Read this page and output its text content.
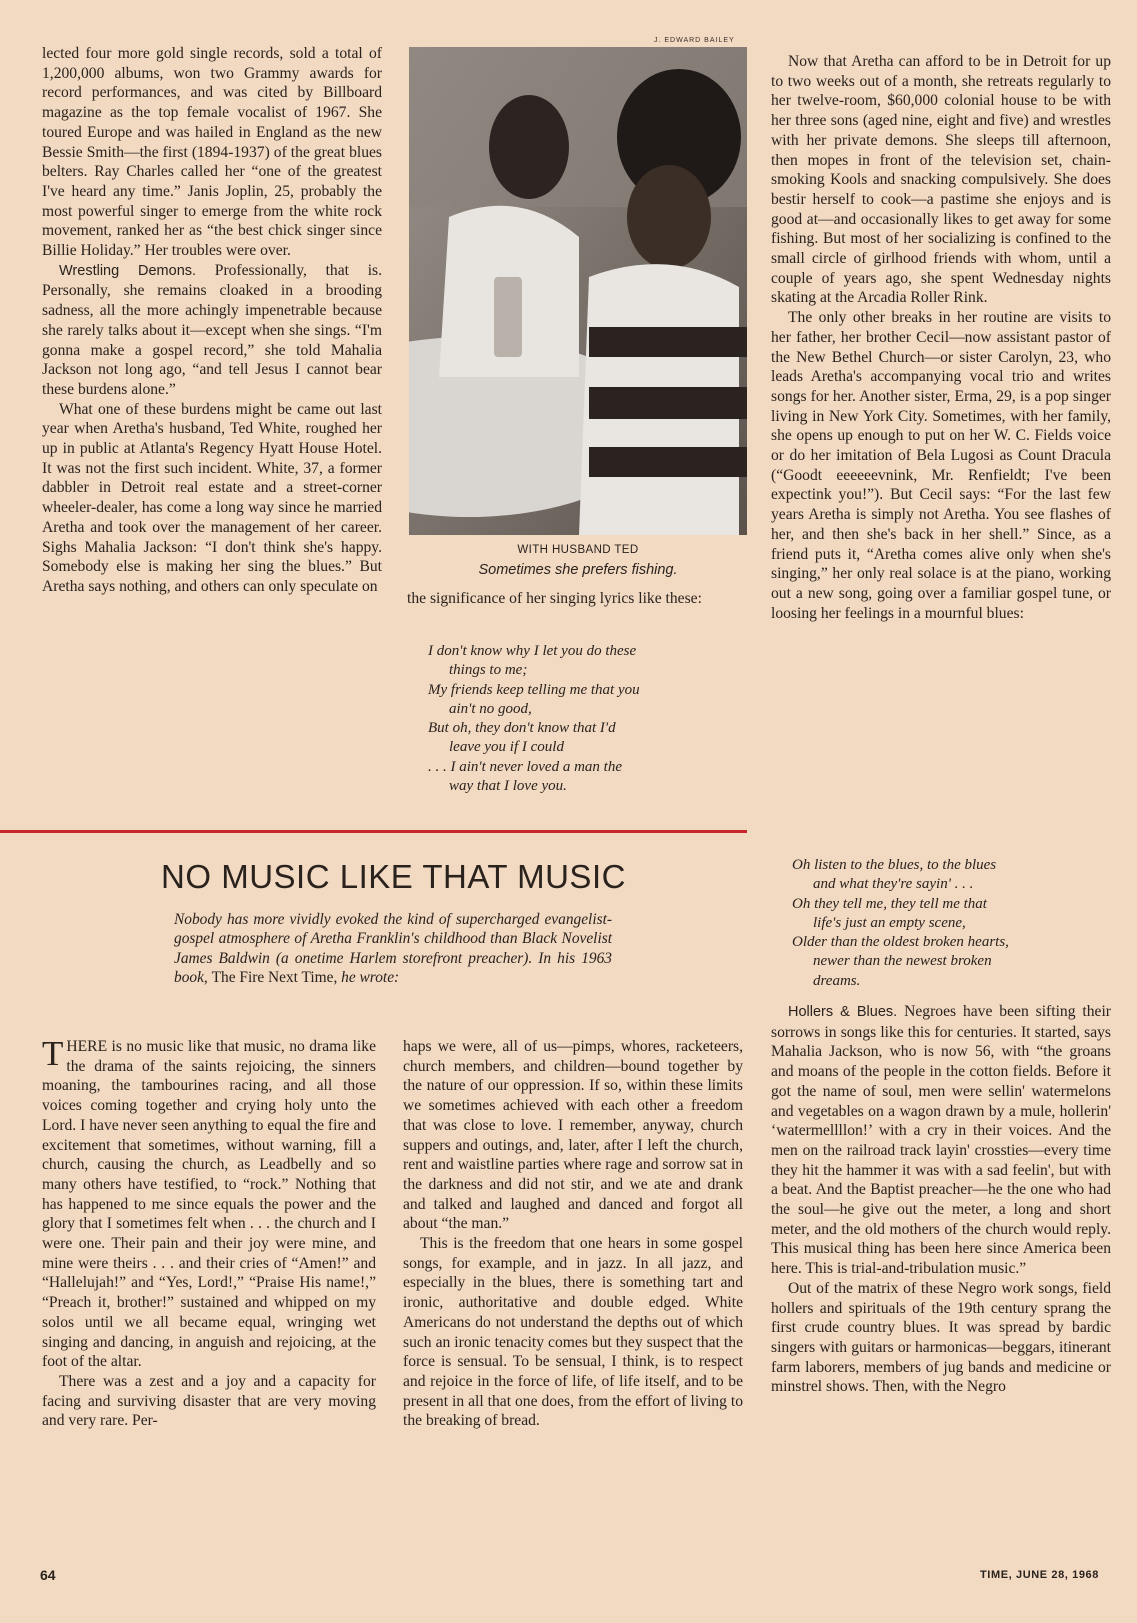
lected four more gold single records, sold a total of 1,200,000 albums, won two Grammy awards for record performances, and was cited by Billboard magazine as the top female vocalist of 1967. She toured Europe and was hailed in England as the new Bessie Smith—the first (1894-1937) of the great blues belters. Ray Charles called her “one of the greatest I've heard any time.” Janis Joplin, 25, probably the most powerful singer to emerge from the white rock movement, ranked her as “the best chick singer since Billie Holiday.” Her troubles were over.

Wrestling Demons. Professionally, that is. Personally, she remains cloaked in a brooding sadness, all the more achingly impenetrable because she rarely talks about it—except when she sings. “I'm gonna make a gospel record,” she told Mahalia Jackson not long ago, “and tell Jesus I cannot bear these burdens alone.”

What one of these burdens might be came out last year when Aretha's husband, Ted White, roughed her up in public at Atlanta's Regency Hyatt House Hotel. It was not the first such incident. White, 37, a former dabbler in Detroit real estate and a street-corner wheeler-dealer, has come a long way since he married Aretha and took over the management of her career. Sighs Mahalia Jackson: “I don't think she's happy. Somebody else is making her sing the blues.” But Aretha says nothing, and others can only speculate on

J. EDWARD BAILEY
WITH HUSBAND TED
Sometimes she prefers fishing.

the significance of her singing lyrics like these:

I don't know why I let you do these
things to me;
My friends keep telling me that you
ain't no good,
But oh, they don't know that I'd
leave you if I could
. . . I ain't never loved a man the
way that I love you.

Now that Aretha can afford to be in Detroit for up to two weeks out of a month, she retreats regularly to her twelve-room, $60,000 colonial house to be with her three sons (aged nine, eight and five) and wrestles with her private demons. She sleeps till afternoon, then mopes in front of the television set, chain-smoking Kools and snacking compulsively. She does bestir herself to cook—a pastime she enjoys and is good at—and occasionally likes to get away for some fishing. But most of her socializing is confined to the small circle of girlhood friends with whom, until a couple of years ago, she spent Wednesday nights skating at the Arcadia Roller Rink.

The only other breaks in her routine are visits to her father, her brother Cecil—now assistant pastor of the New Bethel Church—or sister Carolyn, 23, who leads Aretha's accompanying vocal trio and writes songs for her. Another sister, Erma, 29, is a pop singer living in New York City. Sometimes, with her family, she opens up enough to put on her W. C. Fields voice or do her imitation of Bela Lugosi as Count Dracula (“Goodt eeeeeevnink, Mr. Renfieldt; I've been expectink you!”). But Cecil says: “For the last few years Aretha is simply not Aretha. You see flashes of her, and then she's back in her shell.” Since, as a friend puts it, “Aretha comes alive only when she's singing,” her only real solace is at the piano, working out a new song, going over a familiar gospel tune, or loosing her feelings in a mournful blues:

Oh listen to the blues, to the blues
and what they're sayin' . . .
Oh they tell me, they tell me that
life's just an empty scene,
Older than the oldest broken hearts,
newer than the newest broken
dreams.

Hollers & Blues. Negroes have been sifting their sorrows in songs like this for centuries. It started, says Mahalia Jackson, who is now 56, with “the groans and moans of the people in the cotton fields. Before it got the name of soul, men were sellin' watermelons and vegetables on a wagon drawn by a mule, hollerin' ‘watermellllon!’ with a cry in their voices. And the men on the railroad track layin' crossties—every time they hit the hammer it was with a sad feelin', but with a beat. And the Baptist preacher—he the one who had the soul—he give out the meter, a long and short meter, and the old mothers of the church would reply. This musical thing has been here since America been here. This is trial-and-tribulation music.”

Out of the matrix of these Negro work songs, field hollers and spirituals of the 19th century sprang the first crude country blues. It was spread by bardic singers with guitars or harmonicas—beggars, itinerant farm laborers, members of jug bands and medicine or minstrel shows. Then, with the Negro

NO MUSIC LIKE THAT MUSIC
Nobody has more vividly evoked the kind of supercharged evangelist-gospel atmosphere of Aretha Franklin's childhood than Black Novelist James Baldwin (a onetime Harlem storefront preacher). In his 1963 book, The Fire Next Time, he wrote:

THERE is no music like that music, no drama like the drama of the saints rejoicing, the sinners moaning, the tambourines racing, and all those voices coming together and crying holy unto the Lord. I have never seen anything to equal the fire and excitement that sometimes, without warning, fill a church, causing the church, as Leadbelly and so many others have testified, to “rock.” Nothing that has happened to me since equals the power and the glory that I sometimes felt when . . . the church and I were one. Their pain and their joy were mine, and mine were theirs . . . and their cries of “Amen!” and “Hallelujah!” and “Yes, Lord!,” “Praise His name!,” “Preach it, brother!” sustained and whipped on my solos until we all became equal, wringing wet singing and dancing, in anguish and rejoicing, at the foot of the altar.

There was a zest and a joy and a capacity for facing and surviving disaster that are very moving and very rare. Per-

haps we were, all of us—pimps, whores, racketeers, church members, and children—bound together by the nature of our oppression. If so, within these limits we sometimes achieved with each other a freedom that was close to love. I remember, anyway, church suppers and outings, and, later, after I left the church, rent and waistline parties where rage and sorrow sat in the darkness and did not stir, and we ate and drank and talked and laughed and danced and forgot all about “the man.”

This is the freedom that one hears in some gospel songs, for example, and in jazz. In all jazz, and especially in the blues, there is something tart and ironic, authoritative and double edged. White Americans do not understand the depths out of which such an ironic tenacity comes but they suspect that the force is sensual. To be sensual, I think, is to respect and rejoice in the force of life, of life itself, and to be present in all that one does, from the effort of living to the breaking of bread.

64	TIME, JUNE 28, 1968
